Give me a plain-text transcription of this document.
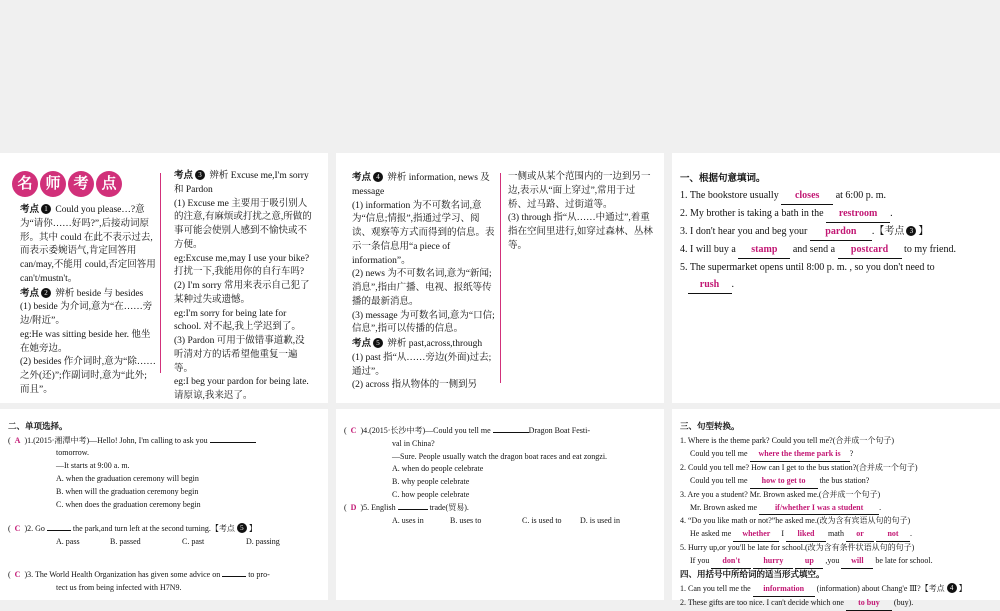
名 师 考 点

考点 1 Could you please…?意为“请你……好吗?”,后接动词原形。其中 could 在此不表示过去,而表示委婉语气,肯定回答用 can/may,不能用 could,否定回答用 can't/mustn't。

考点 2 辨析 beside 与 besides

(1) beside 为介词,意为“在……旁边/附近”。

eg:He was sitting beside her. 他坐在她旁边。

(2) besides 作介词时,意为“除……之外(还)”;作副词时,意为“此外;而且”。

考点 3 辨析 Excuse me,I'm sorry 和 Pardon

(1) Excuse me 主要用于吸引别人的注意,有麻烦或打扰之意,所做的事可能会使别人感到不愉快或不方便。

eg:Excuse me,may I use your bike? 打扰一下,我能用你的自行车吗?

(2) I'm sorry 常用来表示自己犯了某种过失或遗憾。

eg:I'm sorry for being late for school. 对不起,我上学迟到了。

(3) Pardon 可用于做错事道歉,没听清对方的话希望他重复一遍等。

eg:I beg your pardon for being late. 请原谅,我来迟了。

考点 4 辨析 information, news 及 message

(1) information 为不可数名词,意为“信息;情报”,指通过学习、阅读、观察等方式而得到的信息。表示一条信息用“a piece of information”。

(2) news 为不可数名词,意为“新闻;消息”,指由广播、电视、报纸等传播的最新消息。

(3) message 为可数名词,意为“口信;信息”,指可以传播的信息。

考点 5 辨析 past,across,through

(1) past 指“从……旁边(外面)过去;通过”。

(2) across 指从物体的一侧到另

一侧或从某个范围内的一边到另一边,表示从“面上穿过”,常用于过桥、过马路、过街道等。

(3) through 指“从……中通过”,着重指在空间里进行,如穿过森林、丛林等。

一、根据句意填词。

1. The bookstore usually closes at 6:00 p. m.

2. My brother is taking a bath in the restroom .

3. I don't hear you and beg your pardon .【考点 3 】

4. I will buy a stamp and send a postcard to my friend.

5. The supermarket opens until 8:00 p. m. , so you don't need to

rush .

二、单项选择。

(  A )1.(2015·湘潭中考)—Hello! John, I'm calling to ask you

tomorrow.

—It starts at 9:00 a. m.

A. when the graduation ceremony will begin

B. when will the graduation ceremony begin

C. when does the graduation ceremony begin

(  C )2. Go	the park,and turn left at the second turning.【考点 5 】

A. pass	B. passed	C. past	D. passing

(  C )3. The World Health Organization has given some advice on	to pro-

tect us from being infected with H7N9.

(  C )4.(2015·长沙中考)—Could you tell me	Dragon Boat Festi-

val in China?

—Sure. People usually watch the dragon boat races and eat zongzi.

A. when do people celebrate

B. why people celebrate

C. how people celebrate

(  D )5. English	trade(贸易).

A. uses in	B. uses to	C. is used to D. is used in

三、句型转换。

1. Where is the theme park? Could you tell me?(合并成一个句子)

Could you tell me where the theme park is ?

2. Could you tell me? How can I get to the bus station?(合并成一个句子)

Could you tell me how to get to the bus station?

3. Are you a student? Mr. Brown asked me.(合并成一个句子)

Mr. Brown asked me if/whether I was a student .

4. “Do you like math or not?”he asked me.(改为含有宾语从句的句子)

He asked me whether I liked math or	not .

5. Hurry up,or you'll be late for school.(改为含有条件状语从句的句子)

If you don't	hurry	up ,you will be late for school.

四、用括号中所给词的适当形式填空。

1. Can you tell me the information (information) about Chang'e Ⅲ?【考点 4 】

2. These gifts are too nice. I can't decide which one to buy (buy).
